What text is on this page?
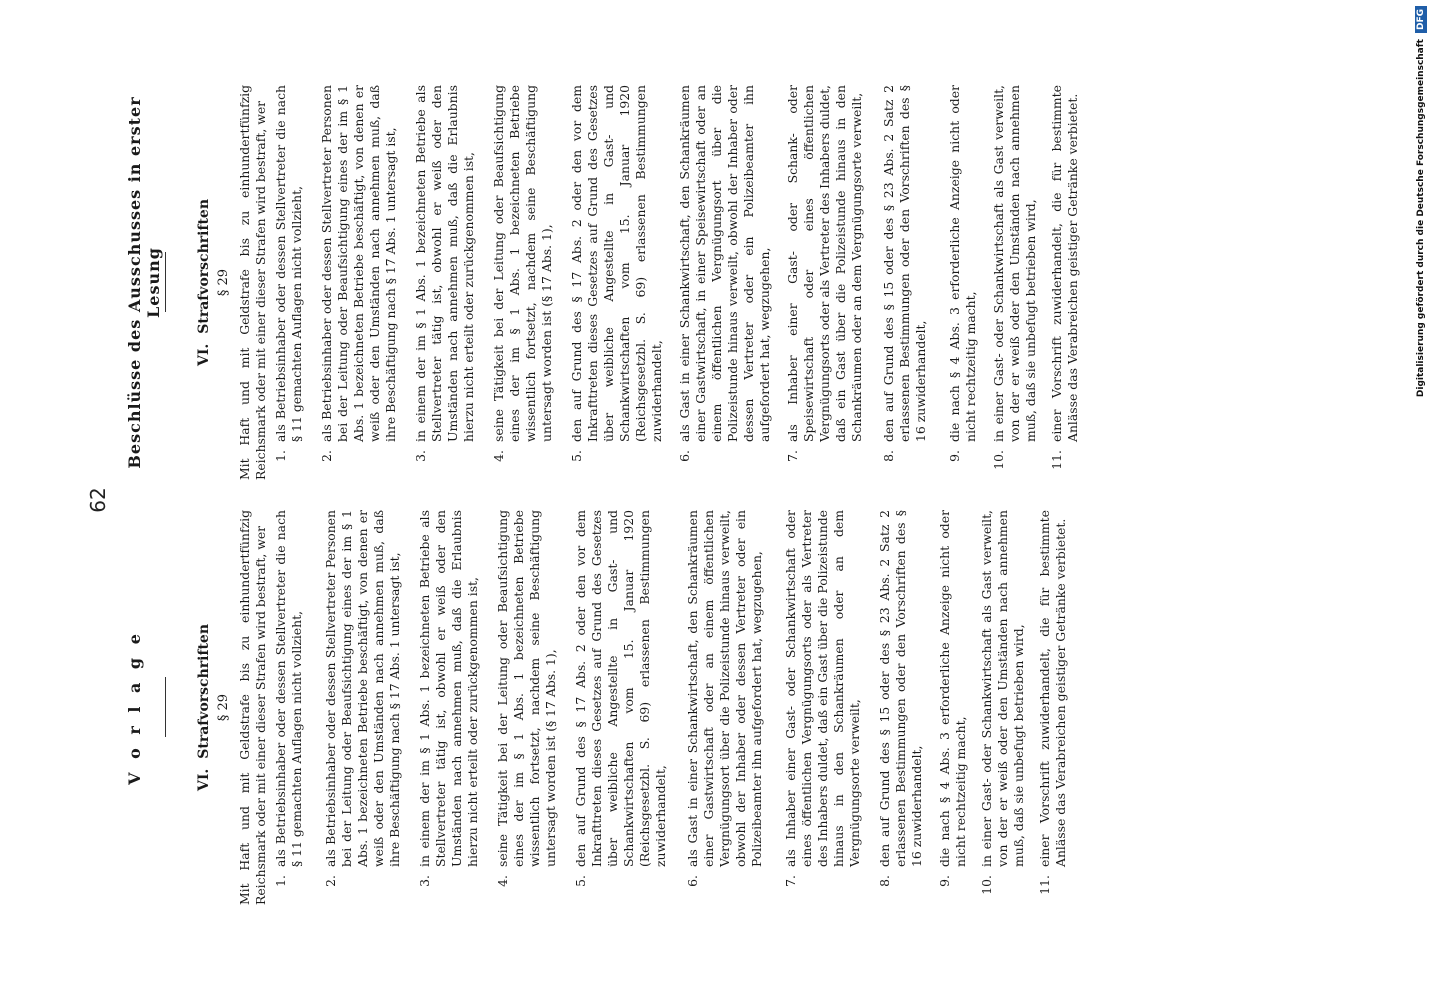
62

V o r l a g e	VI.Strafvorschriften § 29 Mit Haft und mit Geldstrafe bis zu einhundertfünfzig Reichsmark oder mit einer dieser Strafen wird bestraft, wer 1.
als Betriebsinhaber oder dessen Stellvertreter die nach § 11 gemachten Auflagen nicht vollzieht,
2.
als Betriebsinhaber oder dessen Stellvertreter Personen bei der Leitung oder Beaufsichtigung eines der im § 1 Abs. 1 bezeichneten Betriebe beschäftigt, von denen er weiß oder den Umständen nach annehmen muß, daß ihre Beschäftigung nach § 17 Abs. 1 untersagt ist,
3.
in einem der im § 1 Abs. 1 bezeichneten Betriebe als Stellvertreter tätig ist, obwohl er weiß oder den Umständen nach annehmen muß, daß die Erlaubnis hierzu nicht erteilt oder zurückgenommen ist,
4.
seine Tätigkeit bei der Leitung oder Beaufsichtigung eines der im § 1 Abs. 1 bezeichneten Betriebe wissentlich fortsetzt, nachdem seine Beschäftigung untersagt worden ist (§ 17 Abs. 1),
5.
den auf Grund des § 17 Abs. 2 oder den vor dem Inkrafttreten dieses Gesetzes auf Grund des Gesetzes über weibliche Angestellte in Gast- und Schankwirtschaften vom 15. Januar 1920 (Reichsgesetzbl. S. 69) erlassenen Bestimmungen zuwiderhandelt,
6.
als Gast in einer Schankwirtschaft, den Schankräumen einer Gastwirtschaft oder an einem öffentlichen Vergnügungsort über die Polizeistunde hinaus verweilt, obwohl der Inhaber oder dessen Vertreter oder ein Polizeibeamter ihn aufgefordert hat, wegzugehen,
7.
als Inhaber einer Gast- oder Schankwirtschaft oder eines öffentlichen Vergnügungsorts oder als Vertreter des Inhabers duldet, daß ein Gast über die Polizeistunde hinaus in den Schankräumen oder an dem Vergnügungsorte verweilt,
8.
den auf Grund des § 15 oder des § 23 Abs. 2 Satz 2 erlassenen Bestimmungen oder den Vorschriften des § 16 zuwiderhandelt,
9.
die nach § 4 Abs. 3 erforderliche Anzeige nicht oder nicht rechtzeitig macht,
10.
in einer Gast- oder Schankwirtschaft als Gast verweilt, von der er weiß oder den Umständen nach annehmen muß, daß sie unbefugt betrieben wird,
11.
einer Vorschrift zuwiderhandelt, die für bestimmte Anlässe das Verabreichen geistiger Getränke verbietet.

Beschlüsse des Ausschusses in erster Lesung

VI.Strafvorschriften § 29 Mit Haft und mit Geldstrafe bis zu einhundertfünfzig Reichsmark oder mit einer dieser Strafen wird bestraft, wer 1.
als Betriebsinhaber oder dessen Stellvertreter die nach § 11 gemachten Auflagen nicht vollzieht,
2.
als Betriebsinhaber oder dessen Stellvertreter Personen bei der Leitung oder Beaufsichtigung eines der im § 1 Abs. 1 bezeichneten Betriebe beschäftigt, von denen er weiß oder den Umständen nach annehmen muß, daß ihre Beschäftigung nach § 17 Abs. 1 untersagt ist,
3.
in einem der im § 1 Abs. 1 bezeichneten Betriebe als Stellvertreter tätig ist, obwohl er weiß oder den Umständen nach annehmen muß, daß die Erlaubnis hierzu nicht erteilt oder zurückgenommen ist,
4.
seine Tätigkeit bei der Leitung oder Beaufsichtigung eines der im § 1 Abs. 1 bezeichneten Betriebe wissentlich fortsetzt, nachdem seine Beschäftigung untersagt worden ist (§ 17 Abs. 1),
5.
den auf Grund des § 17 Abs. 2 oder den vor dem Inkrafttreten dieses Gesetzes auf Grund des Gesetzes über weibliche Angestellte in Gast- und Schankwirtschaften vom 15. Januar 1920 (Reichsgesetzbl. S. 69) erlassenen Bestimmungen zuwiderhandelt,
6.
als Gast in einer Schankwirtschaft, den Schankräumen einer Gastwirtschaft, in einer Speisewirtschaft oder an einem öffentlichen Vergnügungsort über die Polizeistunde hinaus verweilt, obwohl der Inhaber oder dessen Vertreter oder ein Polizeibeamter ihn aufgefordert hat, wegzugehen,
7.
als Inhaber einer Gast- oder Schank- oder Speisewirtschaft oder eines öffentlichen Vergnügungsorts oder als Vertreter des Inhabers duldet, daß ein Gast über die Polizeistunde hinaus in den Schankräumen oder an dem Vergnügungsorte verweilt,
8.
den auf Grund des § 15 oder des § 23 Abs. 2 Satz 2 erlassenen Bestimmungen oder den Vorschriften des § 16 zuwiderhandelt,
9.
die nach § 4 Abs. 3 erforderliche Anzeige nicht oder nicht rechtzeitig macht,
10.
in einer Gast- oder Schankwirtschaft als Gast verweilt, von der er weiß oder den Umständen nach annehmen muß, daß sie unbefugt betrieben wird,
11.
einer Vorschrift zuwiderhandelt, die für bestimmte Anlässe das Verabreichen geistiger Getränke verbietet.	Digitalisierung gefördert durch die Deutsche Forschungsgemeinschaft
DFG
